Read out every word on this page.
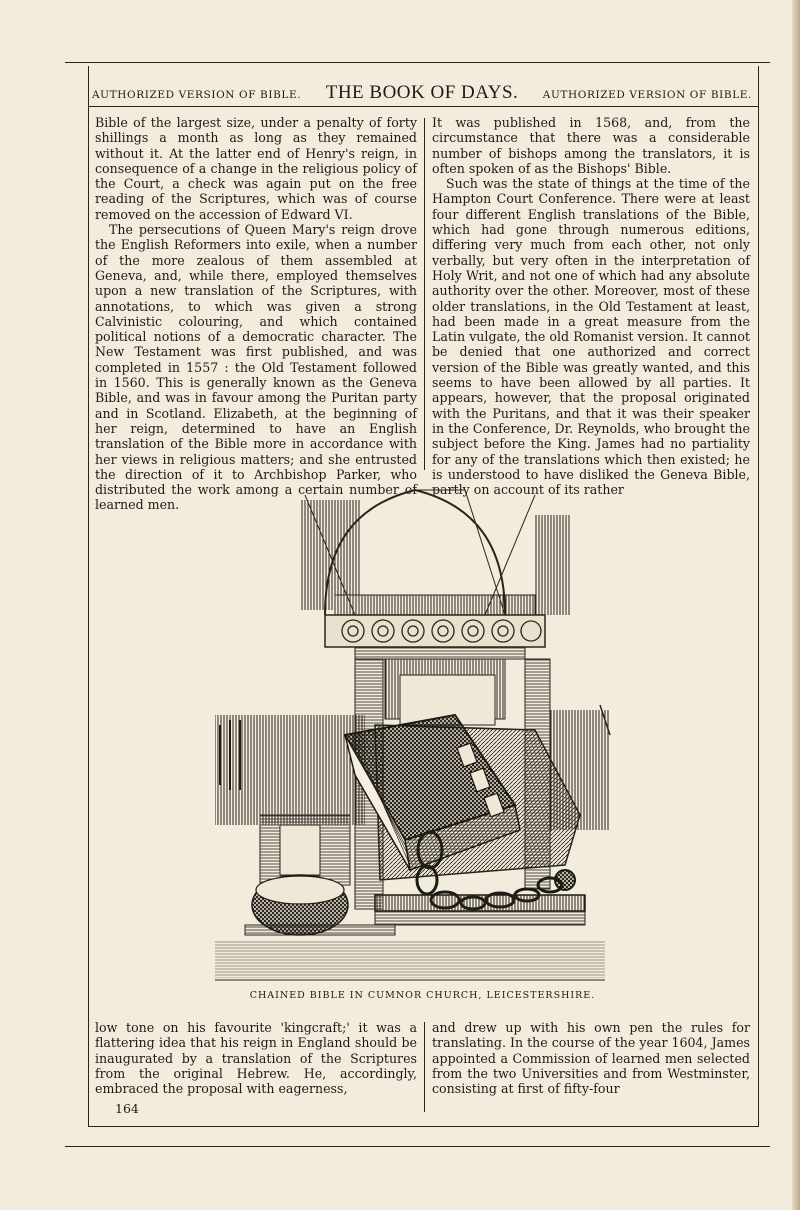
AUTHORIZED VERSION OF BIBLE. THE BOOK OF DAYS. AUTHORIZED VERSION OF BIBLE.

Bible of the largest size, under a penalty of forty shillings a month as long as they remained without it. At the latter end of Henry's reign, in consequence of a change in the religious policy of the Court, a check was again put on the free reading of the Scriptures, which was of course removed on the accession of Edward VI.

The persecutions of Queen Mary's reign drove the English Reformers into exile, when a number of the more zealous of them assembled at Geneva, and, while there, employed themselves upon a new translation of the Scriptures, with annotations, to which was given a strong Calvinistic colouring, and which contained political notions of a democratic character. The New Testament was first published, and was completed in 1557 : the Old Testament followed in 1560. This is generally known as the Geneva Bible, and was in favour among the Puritan party and in Scotland. Elizabeth, at the beginning of her reign, determined to have an English translation of the Bible more in accordance with her views in religious matters; and she entrusted the direction of it to Archbishop Parker, who distributed the work among a certain number of learned men.

It was published in 1568, and, from the circumstance that there was a considerable number of bishops among the translators, it is often spoken of as the Bishops' Bible.

Such was the state of things at the time of the Hampton Court Conference. There were at least four different English translations of the Bible, which had gone through numerous editions, differing very much from each other, not only verbally, but very often in the interpretation of Holy Writ, and not one of which had any absolute authority over the other. Moreover, most of these older translations, in the Old Testament at least, had been made in a great measure from the Latin vulgate, the old Romanist version. It cannot be denied that one authorized and correct version of the Bible was greatly wanted, and this seems to have been allowed by all parties. It appears, however, that the proposal originated with the Puritans, and that it was their speaker in the Conference, Dr. Reynolds, who brought the subject before the King. James had no partiality for any of the translations which then existed; he is understood to have disliked the Geneva Bible, partly on account of its rather

CHAINED BIBLE IN CUMNOR CHURCH, LEICESTERSHIRE.

low tone on his favourite 'kingcraft;' it was a flattering idea that his reign in England should be inaugurated by a translation of the Scriptures from the original Hebrew. He, accordingly, embraced the proposal with eagerness,

and drew up with his own pen the rules for translating. In the course of the year 1604, James appointed a Commission of learned men selected from the two Universities and from Westminster, consisting at first of fifty-four

164
